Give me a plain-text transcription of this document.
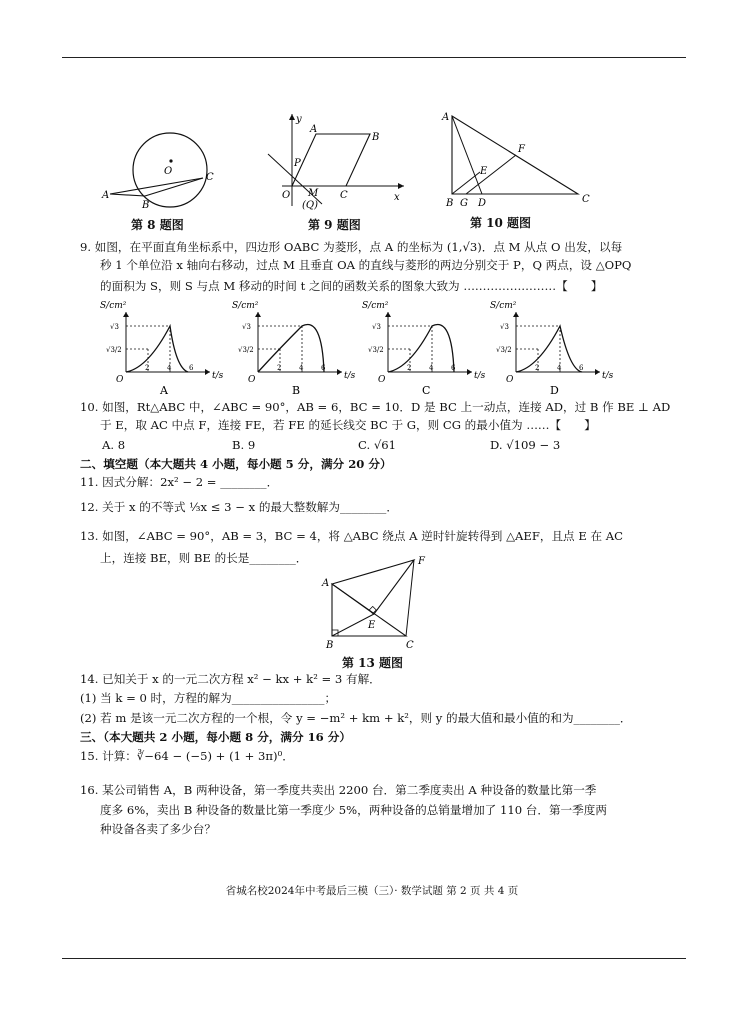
O
A
B
C
第 8 题图
y
x
O
A
B
P
M
(Q)
C
第 9 题图
A
F
E
B G D	C
第 10 题图
9. 如图，在平面直角坐标系中，四边形 OABC 为菱形，点 A 的坐标为 (1,√3)．点 M 从点 O 出发，以每
秒 1 个单位沿 x 轴向右移动，过点 M 且垂直 OA 的直线与菱形的两边分别交于 P，Q 两点，设 △OPQ
的面积为 S，则 S 与点 M 移动的时间 t 之间的函数关系的图象大致为 ……………………【　　】
S/cm²
t/s
O
2	4	6
√3
√3/2
A
S/cm²
t/s
O
2	4	6
√3
√3/2
B
S/cm²
t/s
O
2	4	6
√3
√3/2
C
S/cm²
t/s
O
2	4	6
√3
√3/2
D
10. 如图，Rt△ABC 中，∠ABC = 90°，AB = 6，BC = 10．D 是 BC 上一动点，连接 AD，过 B 作 BE ⊥ AD
于 E，取 AC 中点 F，连接 FE，若 FE 的延长线交 BC 于 G，则 CG 的最小值为 ……【　　】
A. 8	B. 9	C. √61	D. √109 − 3
二、填空题（本大题共 4 小题，每小题 5 分，满分 20 分）
11. 因式分解：2x² − 2 = ________．
12. 关于 x 的不等式 ⅓x ≤ 3 − x 的最大整数解为________．
13. 如图，∠ABC = 90°，AB = 3，BC = 4，将 △ABC 绕点 A 逆时针旋转得到 △AEF，且点 E 在 AC
上，连接 BE，则 BE 的长是________．
A
F
E
B	C
第 13 题图
14. 已知关于 x 的一元二次方程 x² − kx + k² = 3 有解．
(1) 当 k = 0 时，方程的解为________________；
(2) 若 m 是该一元二次方程的一个根，令 y = −m² + km + k²，则 y 的最大值和最小值的和为________．
三、（本大题共 2 小题，每小题 8 分，满分 16 分）
15. 计算：∛−64 − (−5) + (1 + 3π)⁰．
16. 某公司销售 A，B 两种设备，第一季度共卖出 2200 台．第二季度卖出 A 种设备的数量比第一季
度多 6%，卖出 B 种设备的数量比第一季度少 5%，两种设备的总销量增加了 110 台．第一季度两
种设备各卖了多少台？
省城名校2024年中考最后三模（三）· 数学试题 第 2 页 共 4 页
